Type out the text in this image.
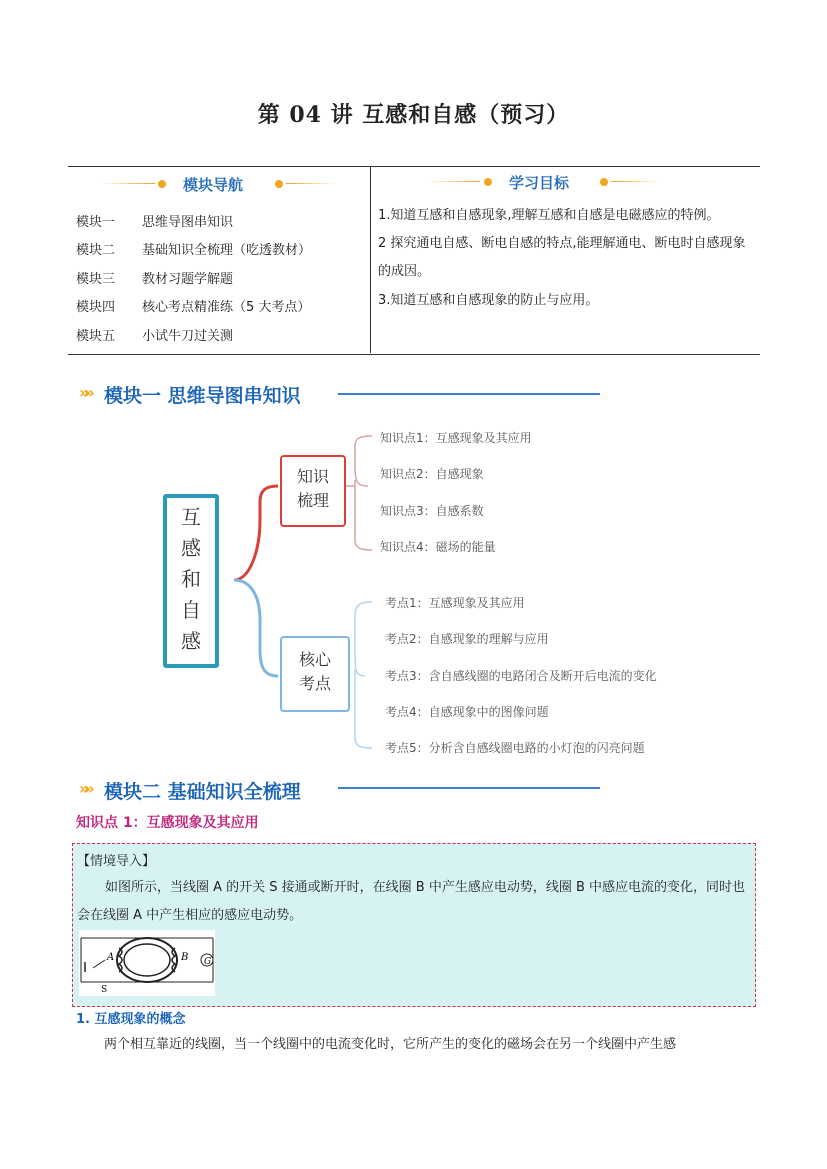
第 04 讲 互感和自感（预习）
模块导航	学习目标
模块一 思维导图串知识
模块二 基础知识全梳理（吃透教材）
模块三 教材习题学解题
模块四 核心考点精准练（5 大考点）
模块五 小试牛刀过关测
1.知道互感和自感现象,理解互感和自感是电磁感应的特例。
2 探究通电自感、断电自感的特点,能理解通电、断电时自感现象的成因。
3.知道互感和自感现象的防止与应用。
»» 模块一 思维导图串知识
互
感
和
自
感
知识
梳理
核心
考点
知识点1：互感现象及其应用
知识点2：自感现象
知识点3：自感系数
知识点4：磁场的能量
考点1：互感现象及其应用
考点2：自感现象的理解与应用
考点3：含自感线圈的电路闭合及断开后电流的变化
考点4：自感现象中的图像问题
考点5：分析含自感线圈电路的小灯泡的闪亮问题
»» 模块二 基础知识全梳理
知识点 1：互感现象及其应用
【情境导入】
如图所示，当线圈 A 的开关 S 接通或断开时，在线圈 B 中产生感应电动势，线圈 B 中感应电流的变化，同时也会在线圈 A 中产生相应的感应电动势。
G
A	B
S
1. 互感现象的概念
两个相互靠近的线圈，当一个线圈中的电流变化时，它所产生的变化的磁场会在另一个线圈中产生感
